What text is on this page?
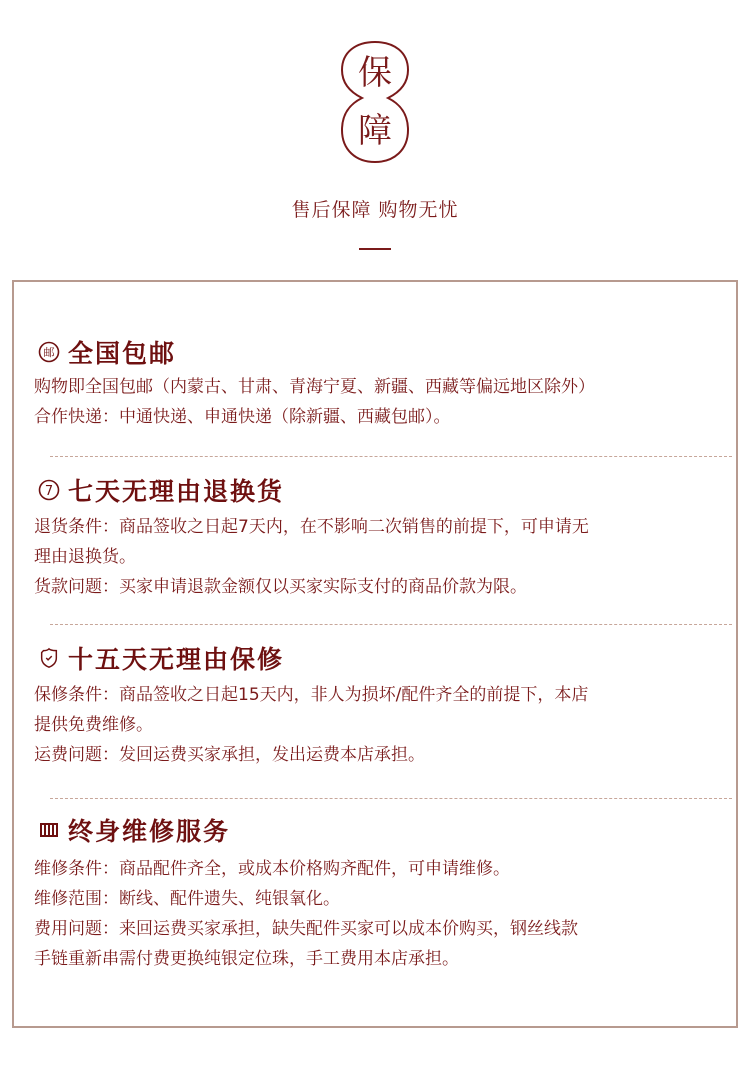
保
障
售后保障 购物无忧
邮 全国包邮
购物即全国包邮（内蒙古、甘肃、青海宁夏、新疆、西藏等偏远地区除外）
合作快递：中通快递、申通快递（除新疆、西藏包邮）。
7 七天无理由退换货
退货条件：商品签收之日起7天内，在不影响二次销售的前提下，可申请无
理由退换货。
货款问题：买家申请退款金额仅以买家实际支付的商品价款为限。
十五天无理由保修
保修条件：商品签收之日起15天内，非人为损坏/配件齐全的前提下，本店
提供免费维修。
运费问题：发回运费买家承担，发出运费本店承担。
终身维修服务
维修条件：商品配件齐全，或成本价格购齐配件，可申请维修。
维修范围：断线、配件遗失、纯银氧化。
费用问题：来回运费买家承担，缺失配件买家可以成本价购买，钢丝线款
手链重新串需付费更换纯银定位珠，手工费用本店承担。
